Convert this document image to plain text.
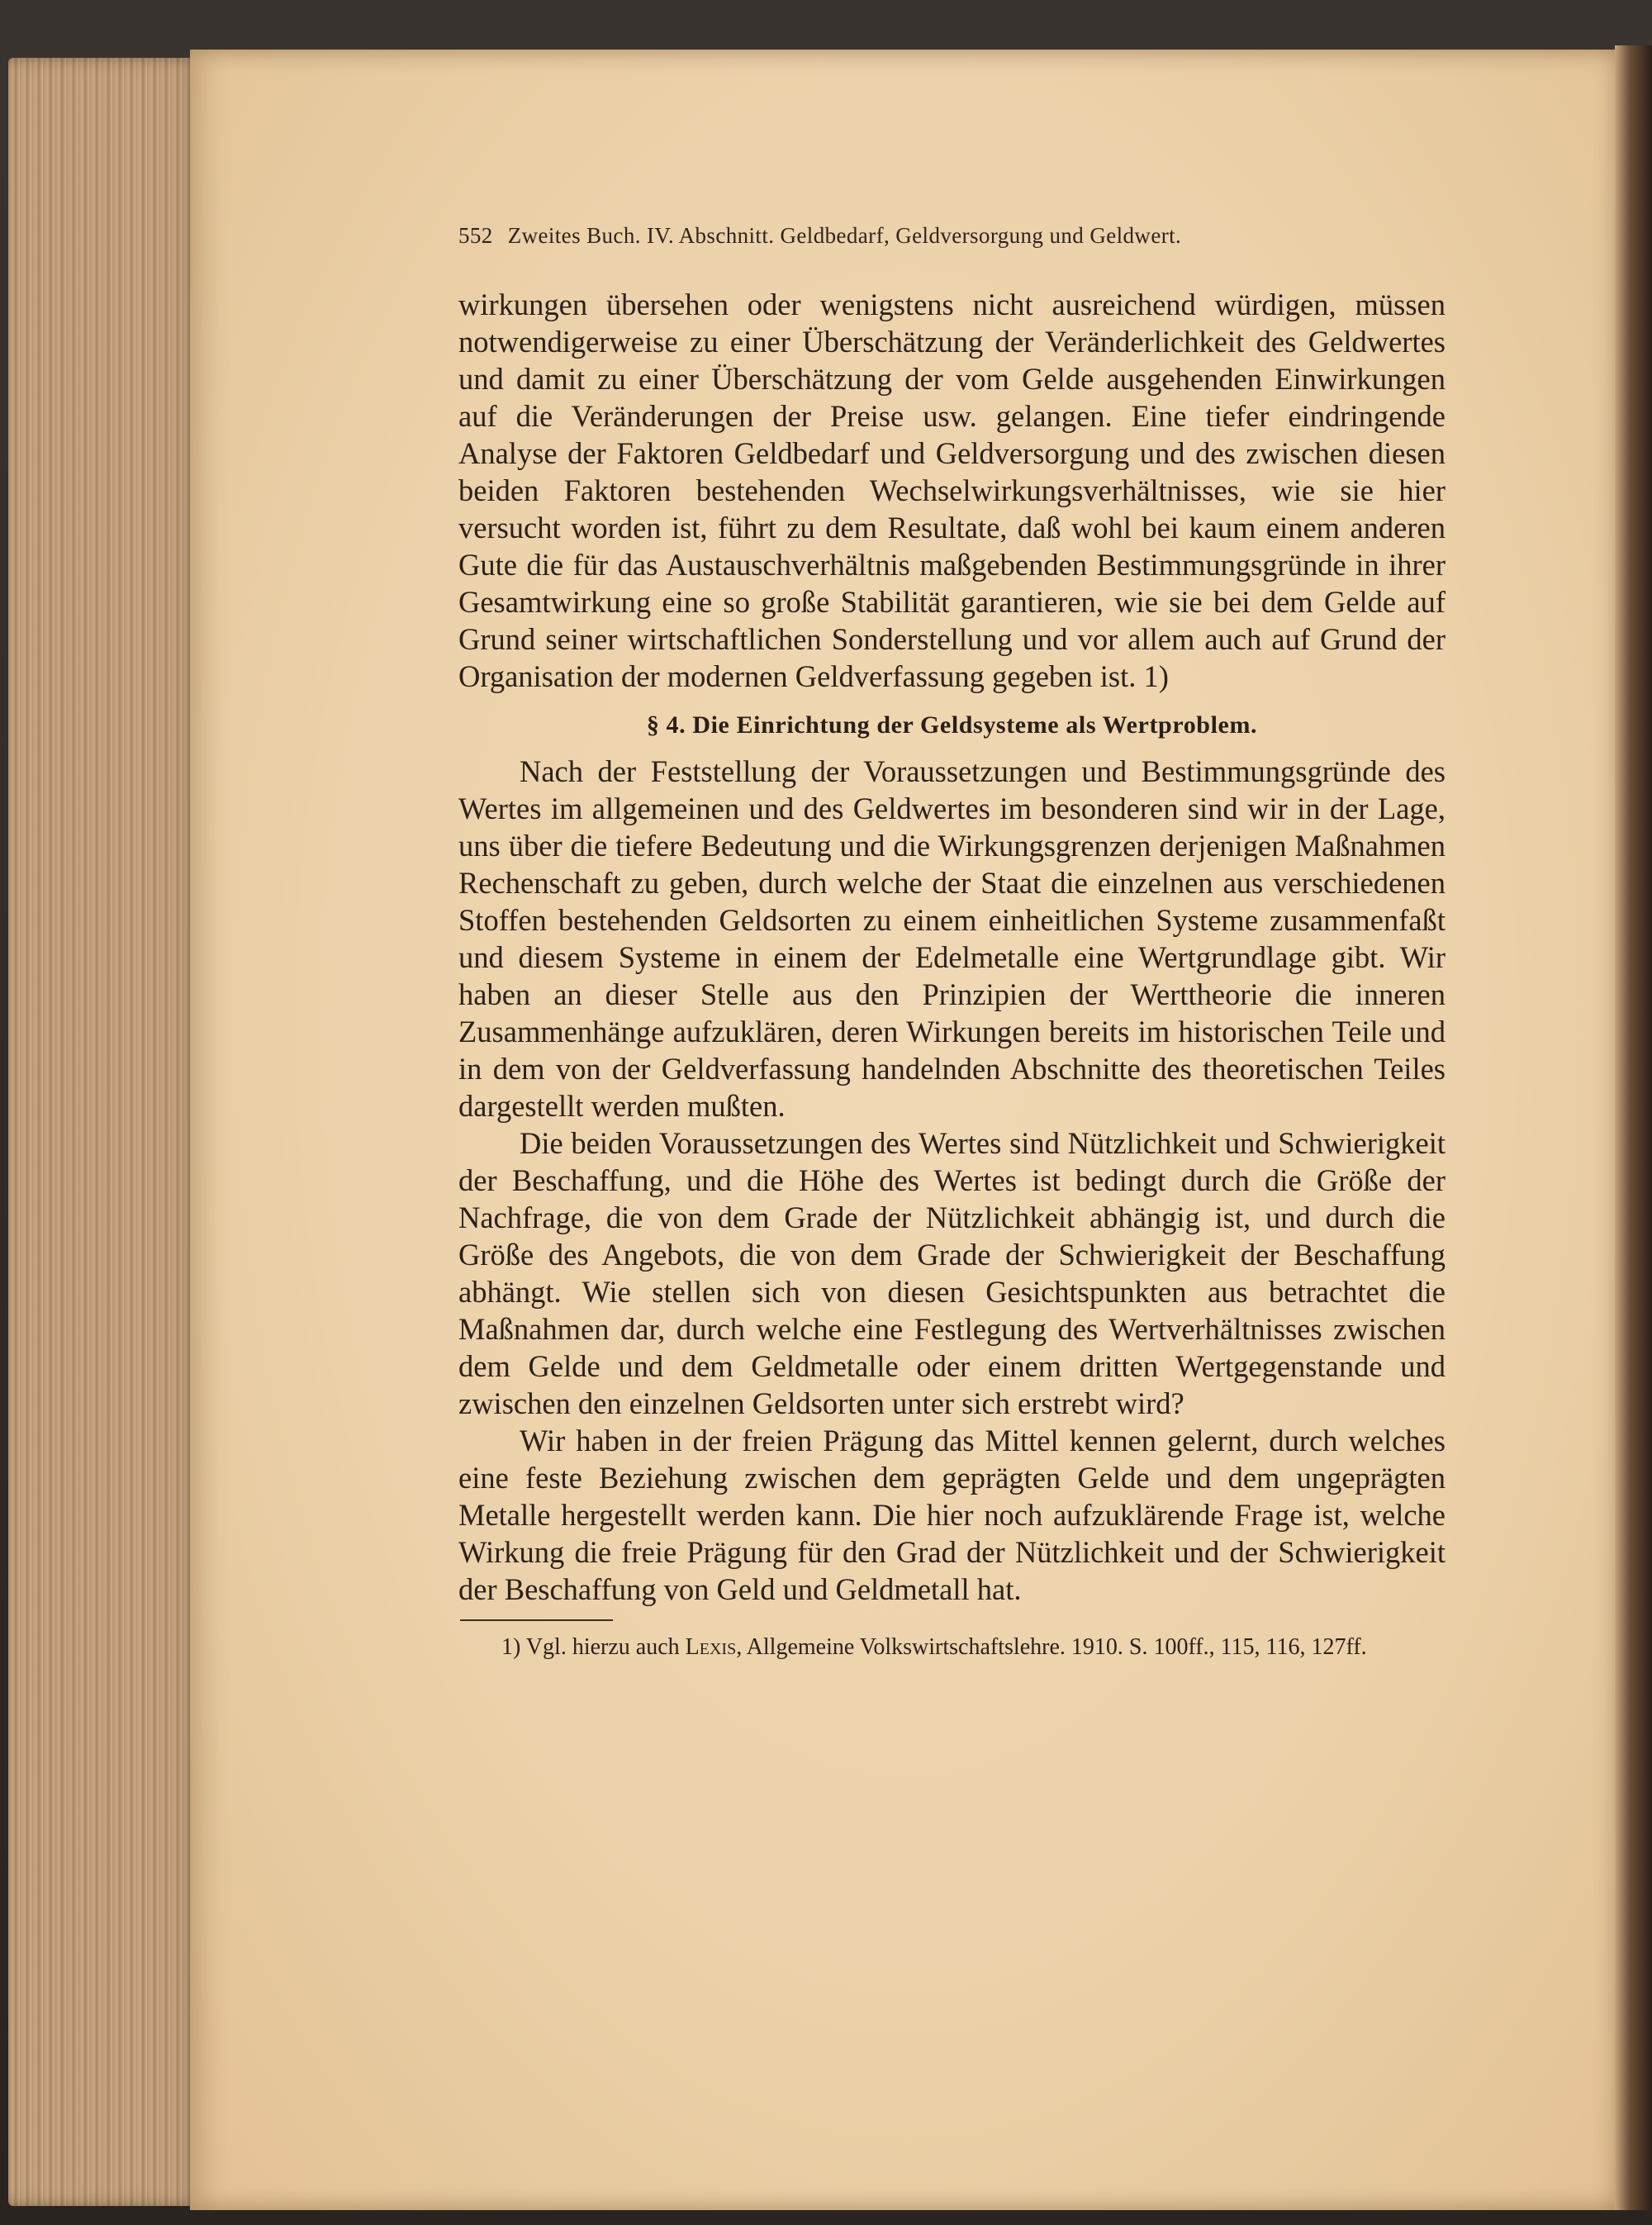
552 Zweites Buch. IV. Abschnitt. Geldbedarf, Geldversorgung und Geldwert.

wirkungen übersehen oder wenigstens nicht ausreichend würdigen, müssen notwendigerweise zu einer Überschätzung der Veränderlichkeit des Geldwertes und damit zu einer Überschätzung der vom Gelde ausgehenden Einwirkungen auf die Veränderungen der Preise usw. gelangen. Eine tiefer eindringende Analyse der Faktoren Geldbedarf und Geldversorgung und des zwischen diesen beiden Faktoren bestehenden Wechselwirkungsverhältnisses, wie sie hier versucht worden ist, führt zu dem Resultate, daß wohl bei kaum einem anderen Gute die für das Austauschverhältnis maßgebenden Bestimmungsgründe in ihrer Gesamtwirkung eine so große Stabilität garantieren, wie sie bei dem Gelde auf Grund seiner wirtschaftlichen Sonderstellung und vor allem auch auf Grund der Organisation der modernen Geldverfassung gegeben ist. 1)

§ 4. Die Einrichtung der Geldsysteme als Wertproblem.

Nach der Feststellung der Voraussetzungen und Bestimmungsgründe des Wertes im allgemeinen und des Geldwertes im besonderen sind wir in der Lage, uns über die tiefere Bedeutung und die Wirkungsgrenzen derjenigen Maßnahmen Rechenschaft zu geben, durch welche der Staat die einzelnen aus verschiedenen Stoffen bestehenden Geldsorten zu einem einheitlichen Systeme zusammenfaßt und diesem Systeme in einem der Edelmetalle eine Wertgrundlage gibt. Wir haben an dieser Stelle aus den Prinzipien der Werttheorie die inneren Zusammenhänge aufzuklären, deren Wirkungen bereits im historischen Teile und in dem von der Geldverfassung handelnden Abschnitte des theoretischen Teiles dargestellt werden mußten.

Die beiden Voraussetzungen des Wertes sind Nützlichkeit und Schwierigkeit der Beschaffung, und die Höhe des Wertes ist bedingt durch die Größe der Nachfrage, die von dem Grade der Nützlichkeit abhängig ist, und durch die Größe des Angebots, die von dem Grade der Schwierigkeit der Beschaffung abhängt. Wie stellen sich von diesen Gesichtspunkten aus betrachtet die Maßnahmen dar, durch welche eine Festlegung des Wertverhältnisses zwischen dem Gelde und dem Geldmetalle oder einem dritten Wertgegenstande und zwischen den einzelnen Geldsorten unter sich erstrebt wird?

Wir haben in der freien Prägung das Mittel kennen gelernt, durch welches eine feste Beziehung zwischen dem geprägten Gelde und dem ungeprägten Metalle hergestellt werden kann. Die hier noch aufzuklärende Frage ist, welche Wirkung die freie Prägung für den Grad der Nützlichkeit und der Schwierigkeit der Beschaffung von Geld und Geldmetall hat.

1) Vgl. hierzu auch Lexis, Allgemeine Volkswirtschaftslehre. 1910. S. 100ff., 115, 116, 127ff.
